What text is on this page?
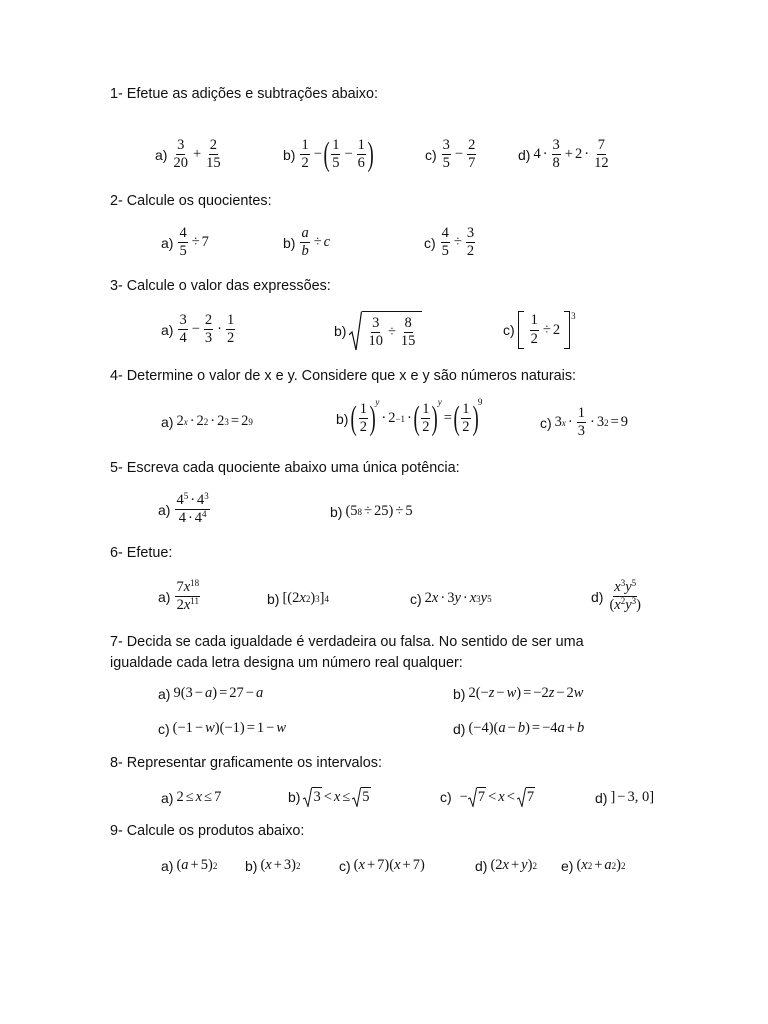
1- Efetue as adições e subtrações abaixo:
$a) \frac{3}{20} + \frac{2}{15}$	$b) \frac{1}{2}$ − ( $\frac{1}{5} - \frac{1}{6}$ )	$c) \frac{3}{5} - \frac{2}{7}$	d) $4 \cdot \frac{3}{8} + 2 \cdot \frac{7}{12}$
2- Calcule os quocientes:
$a) \frac{4}{5} \div 7$	$b) \frac{a}{b} \div c$	$c) \frac{4}{5} \div \frac{3}{2}$
3- Calcule o valor das expressões:
$a) \frac{3}{4} - \frac{2}{3} \cdot \frac{1}{2}$	$b) \frac{3}{10} \div \frac{8}{15}$	$c) \frac{1}{2} \div 2$
3
4- Determine o valor de x e y. Considere que x e y são números naturais:
a) 2 x · 2 2 · 2 3 = 2 9	b) ( $\frac{1}{2}$ ) y
· 2 −1 · ( $\frac{1}{2}$ ) y
= ( $\frac{1}{2}$ ) 9
c) 3 $x \cdot \frac{1}{3} \cdot 3$ 2 = 9
5- Escreva cada quociente abaixo uma única potência:
$a) \frac{4^5 \cdot 4^3}{4 \cdot 4^4}$	b) (5 8 ÷ 25) ÷ 5
6- Efetue:
$a) \frac{7x^{18}}{2x^{11}}$	b) [(2 x 2 ) 3 ] 4	c) 2 x · 3 y · x 3 y 5	$d) \frac{x^3y^5}{(x^2y^3)}$
7- Decida se cada igualdade é verdadeira ou falsa. No sentido de ser uma
igualdade cada letra designa um número real qualquer:
a) 9(3 − a ) = 27 − a	b) 2(− z − w ) = −2 z − 2 w
c) (−1 − w )(−1) = 1 − w	d) (−4)( a − b ) = −4 a + b
8- Representar graficamente os intervalos:
a) 2 ≤ x ≤ 7	b) 3 < x ≤ 5	c) − 7 < x < 7	d) ] − 3, 0]
9- Calcule os produtos abaixo:
a) ( a + 5) 2 b) ( x + 3) 2	c) ( x + 7)( x + 7)	d) (2 x + y ) 2 e) ( x 2 + a 2 ) 2
